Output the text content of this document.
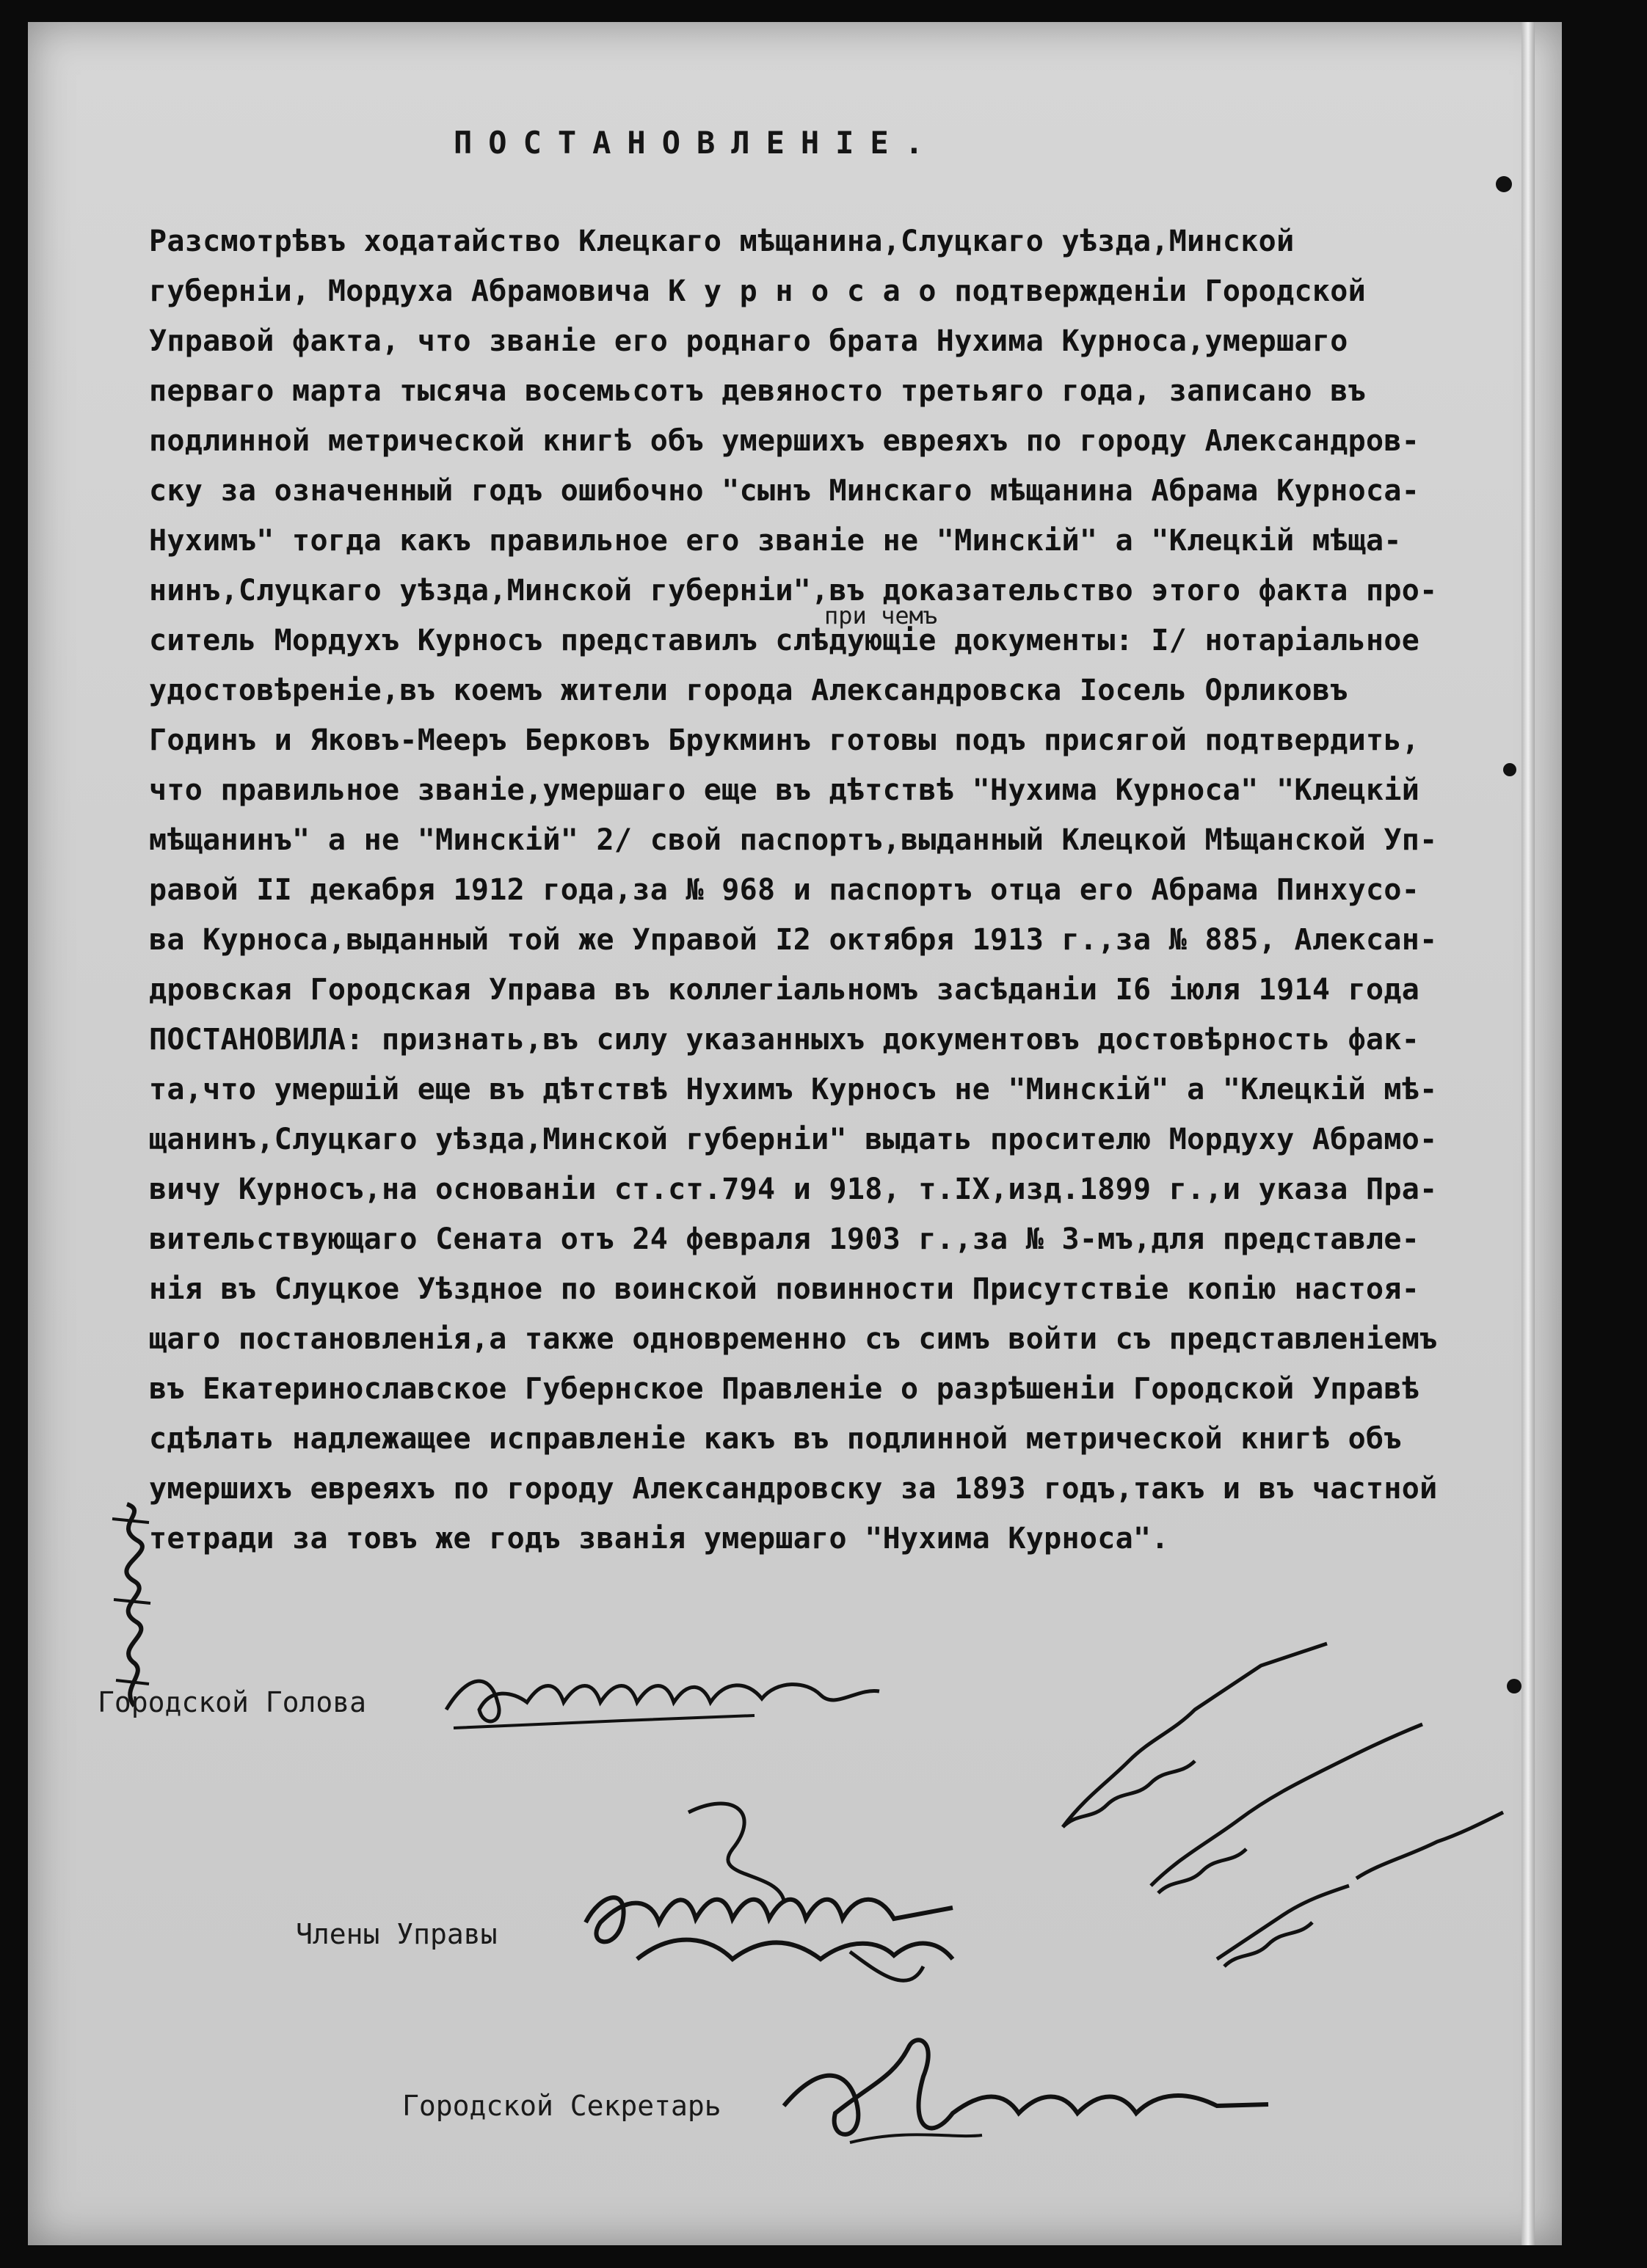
ПОСТАНОВЛЕНІЕ.
при чемъ
Разсмотрѣвъ ходатайство Клецкаго мѣщанина,Слуцкаго уѣзда,Минской
губерніи, Мордуха Абрамовича К у р н о с а о подтвержденіи Городской
Управой факта, что званіе его роднаго брата Нухима Курноса,умершаго
перваго марта тысяча восемьсотъ девяносто третьяго года, записано въ
подлинной метрической книгѣ объ умершихъ евреяхъ по городу Александров-
ску за означенный годъ ошибочно "сынъ Минскаго мѣщанина Абрама Курноса-
Нухимъ" тогда какъ правильное его званіе не "Минскій" а "Клецкій мѣща-
нинъ,Слуцкаго уѣзда,Минской губерніи",въ доказательство этого факта про-
ситель Мордухъ Курносъ представилъ слѣдующіе документы: I/ нотаріальное
удостовѣреніе,въ коемъ жители города Александровска Іосель Орликовъ
Годинъ и Яковъ-Мееръ Берковъ Брукминъ готовы подъ присягой подтвердить,
что правильное званіе,умершаго еще въ дѣтствѣ "Нухима Курноса" "Клецкій
мѣщанинъ" а не "Минскій" 2/ свой паспортъ,выданный Клецкой Мѣщанской Уп-
равой II декабря 1912 года,за № 968 и паспортъ отца его Абрама Пинхусо-
ва Курноса,выданный той же Управой I2 октября 1913 г.,за № 885, Алексан-
дровская Городская Управа въ коллегіальномъ засѣданіи I6 іюля 1914 года
ПОСТАНОВИЛА: признать,въ силу указанныхъ документовъ достовѣрность фак-
та,что умершій еще въ дѣтствѣ Нухимъ Курносъ не "Минскій" а "Клецкій мѣ-
щанинъ,Слуцкаго уѣзда,Минской губерніи" выдать просителю Мордуху Абрамо-
вичу Курносъ,на основаніи ст.ст.794 и 918, т.IX,изд.1899 г.,и указа Пра-
вительствующаго Сената отъ 24 февраля 1903 г.,за № 3-мъ,для представле-
нія въ Слуцкое Уѣздное по воинской повинности Присутствіе копію настоя-
щаго постановленія,а также одновременно съ симъ войти съ представленіемъ
въ Екатеринославское Губернское Правленіе о разрѣшеніи Городской Управѣ
сдѣлать надлежащее исправленіе какъ въ подлинной метрической книгѣ объ
умершихъ евреяхъ по городу Александровску за 1893 годъ,такъ и въ частной
тетради за товъ же годъ званія умершаго "Нухима Курноса".
Городской Голова
Члены Управы
Городской Секретарь
